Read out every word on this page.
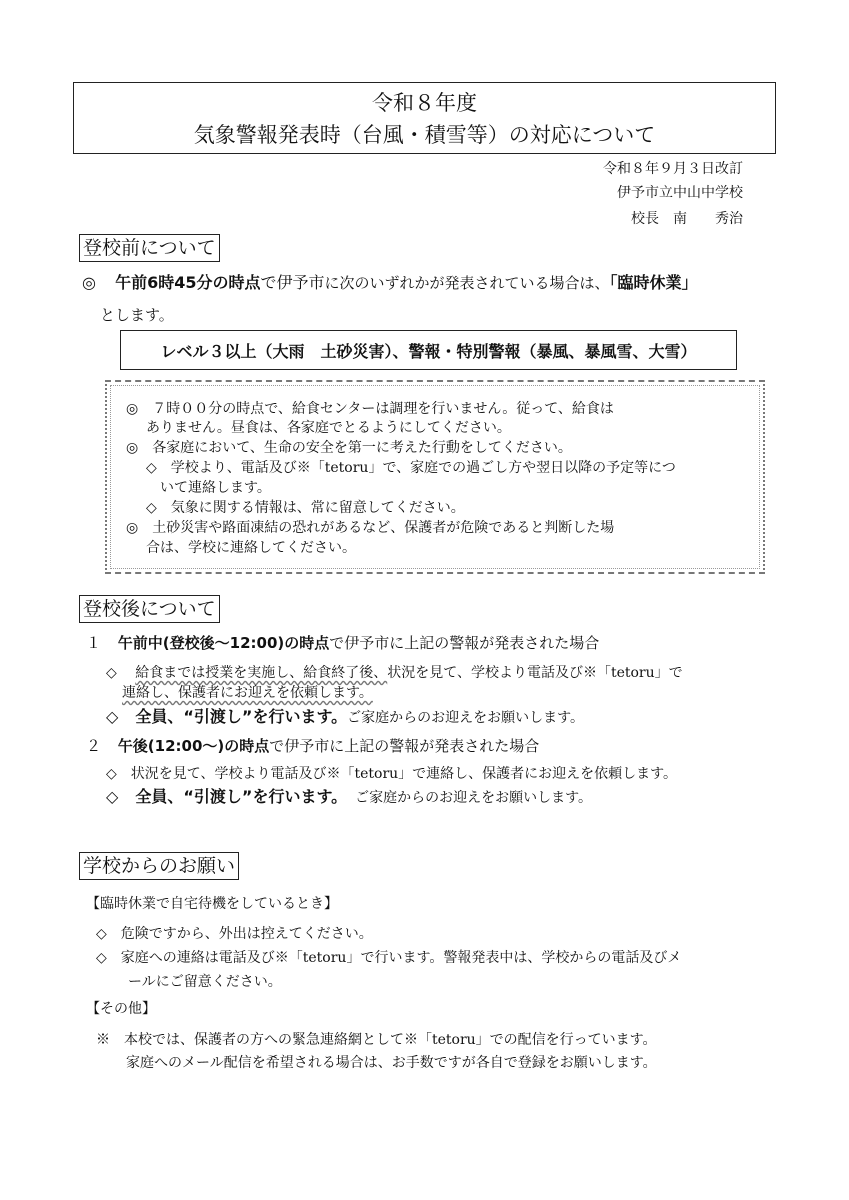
令和８年度
気象警報発表時（台風・積雪等）の対応について
令和８年９月３日改訂
伊予市立中山中学校
校長　南　　秀治
登校前について
◎ 午前6時45分の時点で伊予市に次のいずれかが発表されている場合は、「臨時休業」
とします。
レベル３以上（大雨　土砂災害）、警報・特別警報（暴風、暴風雪、大雪）
◎　７時００分の時点で、給食センターは調理を行いません。従って、給食は
ありません。昼食は、各家庭でとるようにしてください。
◎　各家庭において、生命の安全を第一に考えた行動をしてください。
◇　学校より、電話及び※「tetoru」で、家庭での過ごし方や翌日以降の予定等につ
いて連絡します。
◇　気象に関する情報は、常に留意してください。
◎　土砂災害や路面凍結の恐れがあるなど、保護者が危険であると判断した場
合は、学校に連絡してください。
登校後について
１ 午前中(登校後～12:00)の時点で伊予市に上記の警報が発表された場合
◇ 給食までは授業を実施し、給食終了後、状況を見て、学校より電話及び※「tetoru」で
連絡し、保護者にお迎えを依頼します。
◇ 全員、“引渡し”を行います。ご家庭からのお迎えをお願いします。
２ 午後(12:00～)の時点で伊予市に上記の警報が発表された場合
◇　状況を見て、学校より電話及び※「tetoru」で連絡し、保護者にお迎えを依頼します。
◇ 全員、“引渡し”を行います。 ご家庭からのお迎えをお願いします。
学校からのお願い
【臨時休業で自宅待機をしているとき】
◇　危険ですから、外出は控えてください。
◇　家庭への連絡は電話及び※「tetoru」で行います。警報発表中は、学校からの電話及びメ
ールにご留意ください。
【その他】
※　本校では、保護者の方への緊急連絡網として※「tetoru」での配信を行っています。
家庭へのメール配信を希望される場合は、お手数ですが各自で登録をお願いします。
